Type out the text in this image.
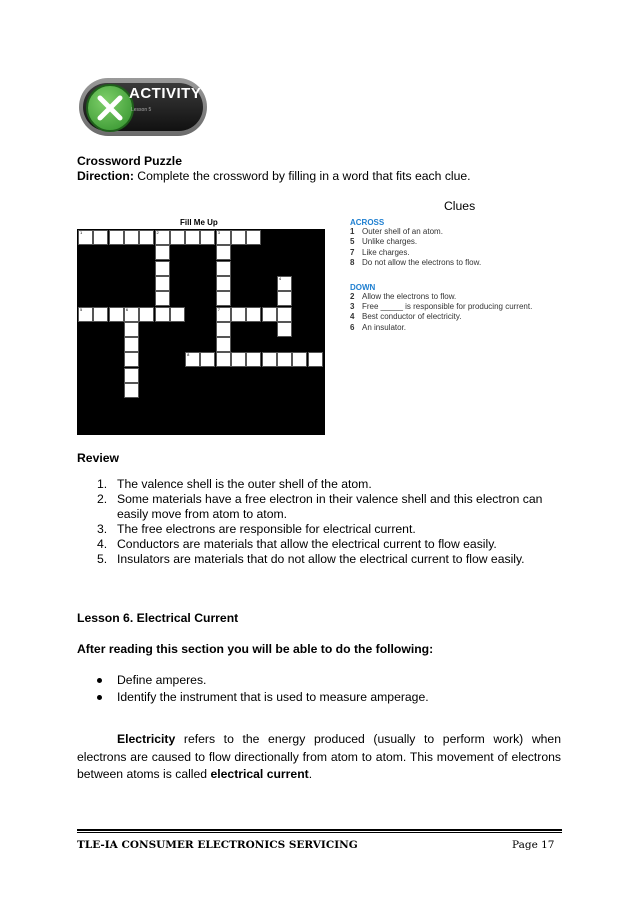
ACTIVITY
Lesson 5
Crossword Puzzle
Direction: Complete the crossword by filling in a word that fits each clue.
Clues
Fill Me Up
1	2	3
7
4
5	6
8
ACROSS
1 Outer shell of an atom.
5 Unlike charges.
7 Like charges.
8 Do not allow the electrons to flow.
DOWN
2 Allow the electrons to flow.
3 Free _____ is responsible for producing current.
4 Best conductor of electricity.
6 An insulator.
Review
1. The valence shell is the outer shell of the atom.
2. Some materials have a free electron in their valence shell and this electron can easily move from atom to atom.
3. The free electrons are responsible for electrical current.
4. Conductors are materials that allow the electrical current to flow easily.
5. Insulators are materials that do not allow the electrical current to flow easily.
Lesson 6. Electrical Current
After reading this section you will be able to do the following:
Define amperes.
Identify the instrument that is used to measure amperage.
Electricity refers to the energy produced (usually to perform work) when electrons are caused to flow directionally from atom to atom. This movement of electrons between atoms is called electrical current.
TLE-IA CONSUMER ELECTRONICS SERVICING	Page 17
